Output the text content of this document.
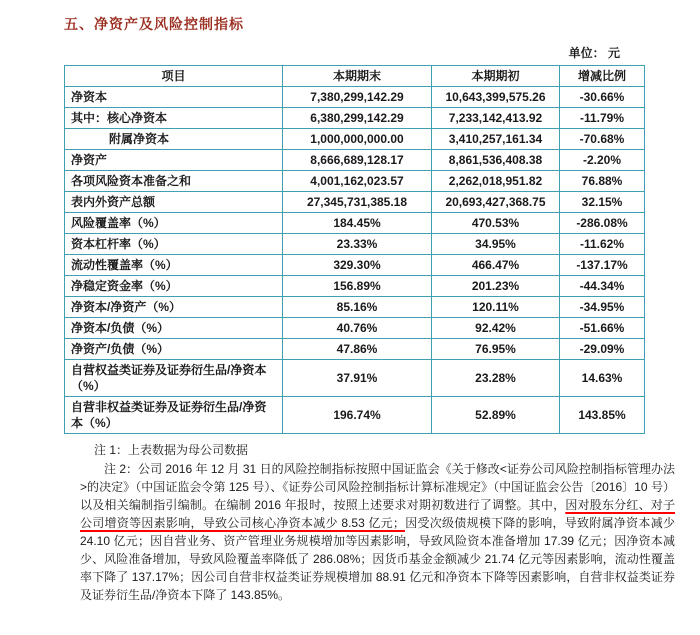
五、净资产及风险控制指标
单位： 元
项目	本期期末	本期期初	增减比例
净资本	7,380,299,142.29	10,643,399,575.26	-30.66%
其中：核心净资本	6,380,299,142.29	7,233,142,413.92	-11.79%
附属净资本	1,000,000,000.00	3,410,257,161.34	-70.68%
净资产	8,666,689,128.17	8,861,536,408.38	-2.20%
各项风险资本准备之和	4,001,162,023.57	2,262,018,951.82	76.88%
表内外资产总额	27,345,731,385.18	20,693,427,368.75	32.15%
风险覆盖率（%）	184.45%	470.53%	-286.08%
资本杠杆率（%）	23.33%	34.95%	-11.62%
流动性覆盖率（%）	329.30%	466.47%	-137.17%
净稳定资金率（%）	156.89%	201.23%	-44.34%
净资本/净资产（%）	85.16%	120.11%	-34.95%
净资本/负债（%）	40.76%	92.42%	-51.66%
净资产/负债（%）	47.86%	76.95%	-29.09%
自营权益类证券及证券衍生品/净资本（%）	37.91%	23.28%	14.63%
自营非权益类证券及证券衍生品/净资本（%）	196.74%	52.89%	143.85%

注 1：上表数据为母公司数据

注 2：公司 2016 年 12 月 31 日的风险控制指标按照中国证监会《关于修改<证券公司风险控制指标管理办法>的决定》（中国证监会令第 125 号）、《证券公司风险控制指标计算标准规定》（中国证监会公告〔2016〕10 号）以及相关编制指引编制。在编制 2016 年报时，按照上述要求对期初数进行了调整。其中，因对股东分红、对子公司增资等因素影响，导致公司核心净资本减少 8.53 亿元；因受次级债规模下降的影响，导致附属净资本减少 24.10 亿元；因自营业务、资产管理业务规模增加等因素影响，导致风险资本准备增加 17.39 亿元；因净资本减少、风险准备增加，导致风险覆盖率降低了 286.08%；因货币基金金额减少 21.74 亿元等因素影响，流动性覆盖率下降了 137.17%；因公司自营非权益类证券规模增加 88.91 亿元和净资本下降等因素影响，自营非权益类证券及证券衍生品/净资本下降了 143.85%。
